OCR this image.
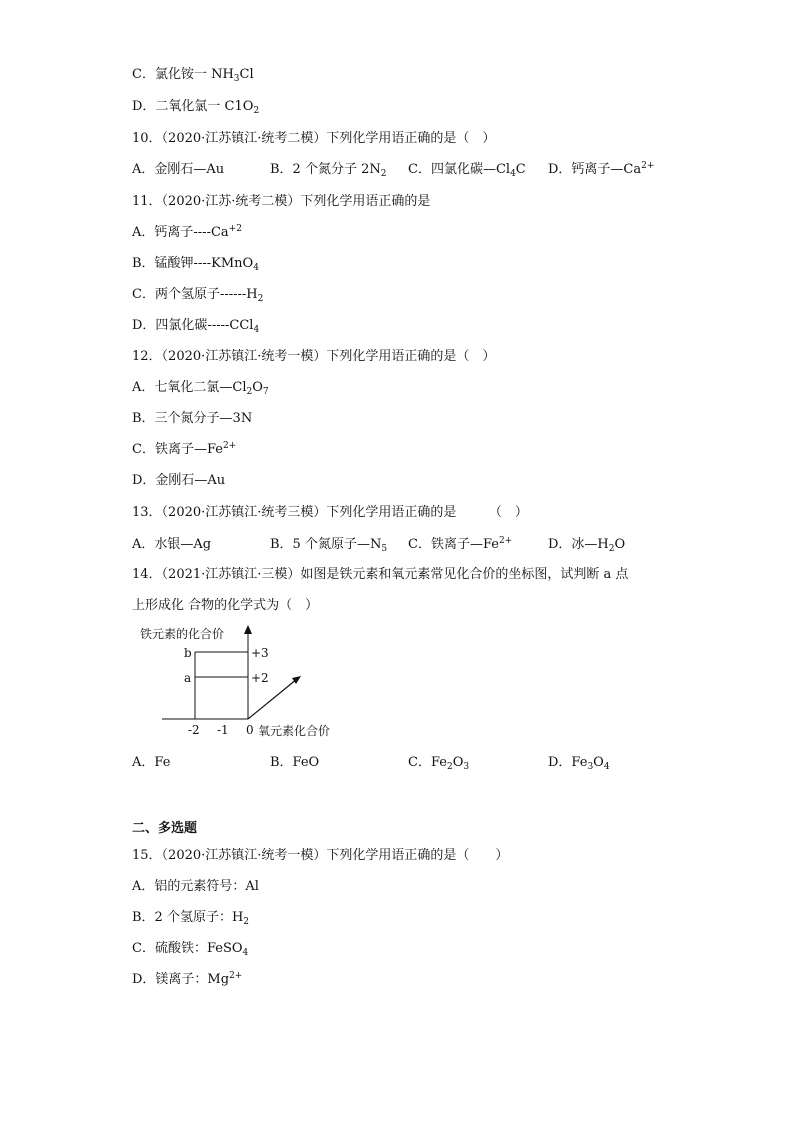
C．氯化铵一 $NH_3Cl$
D．二氧化氯一 $C1O_2$
10．（2020·江苏镇江·统考二模）下列化学用语正确的是（　）
A．金刚石—Au	B．2 个氮分子 $2N_2$ C．四氯化碳$—Cl_4C$ D．钙离子$—Ca^{2+}$
11．（2020·江苏·统考二模）下列化学用语正确的是
A．钙离子$----Ca^{+2}$
B．锰酸钾----KMnO$_4$
C．两个氢原子$------H_2$
D．四氯化碳-----CCl$_4$
12．（2020·江苏镇江·统考一模）下列化学用语正确的是（　）
A．七氧化二氯$—Cl_2O_7$
B．三个氮分子—3N
C．铁离子$—Fe^{2+}$
D．金刚石—Au
13．（2020·江苏镇江·统考三模）下列化学用语正确的是　　　（　）
A．水银—Ag	B．5 个氮原子$—N_5$ C．铁离子$—Fe^{2+}$	D．冰$—H_2O$
14．（2021·江苏镇江·三模）如图是铁元素和氧元素常见化合价的坐标图，试判断 a 点
上形成化 合物的化学式为（　）
铁元素的化合价
b
a
+3
+2
-2 -1 0 氧元素化合价
A．Fe	B．FeO	C．$Fe_2O_3$	D．$Fe_3O_4$
二、多选题
15．（2020·江苏镇江·统考一模）下列化学用语正确的是（　　）
A．铝的元素符号：Al
B．2 个氢原子：$H_2$
C．硫酸铁：FeSO$_4$
D．镁离子：$Mg^{2+}$
